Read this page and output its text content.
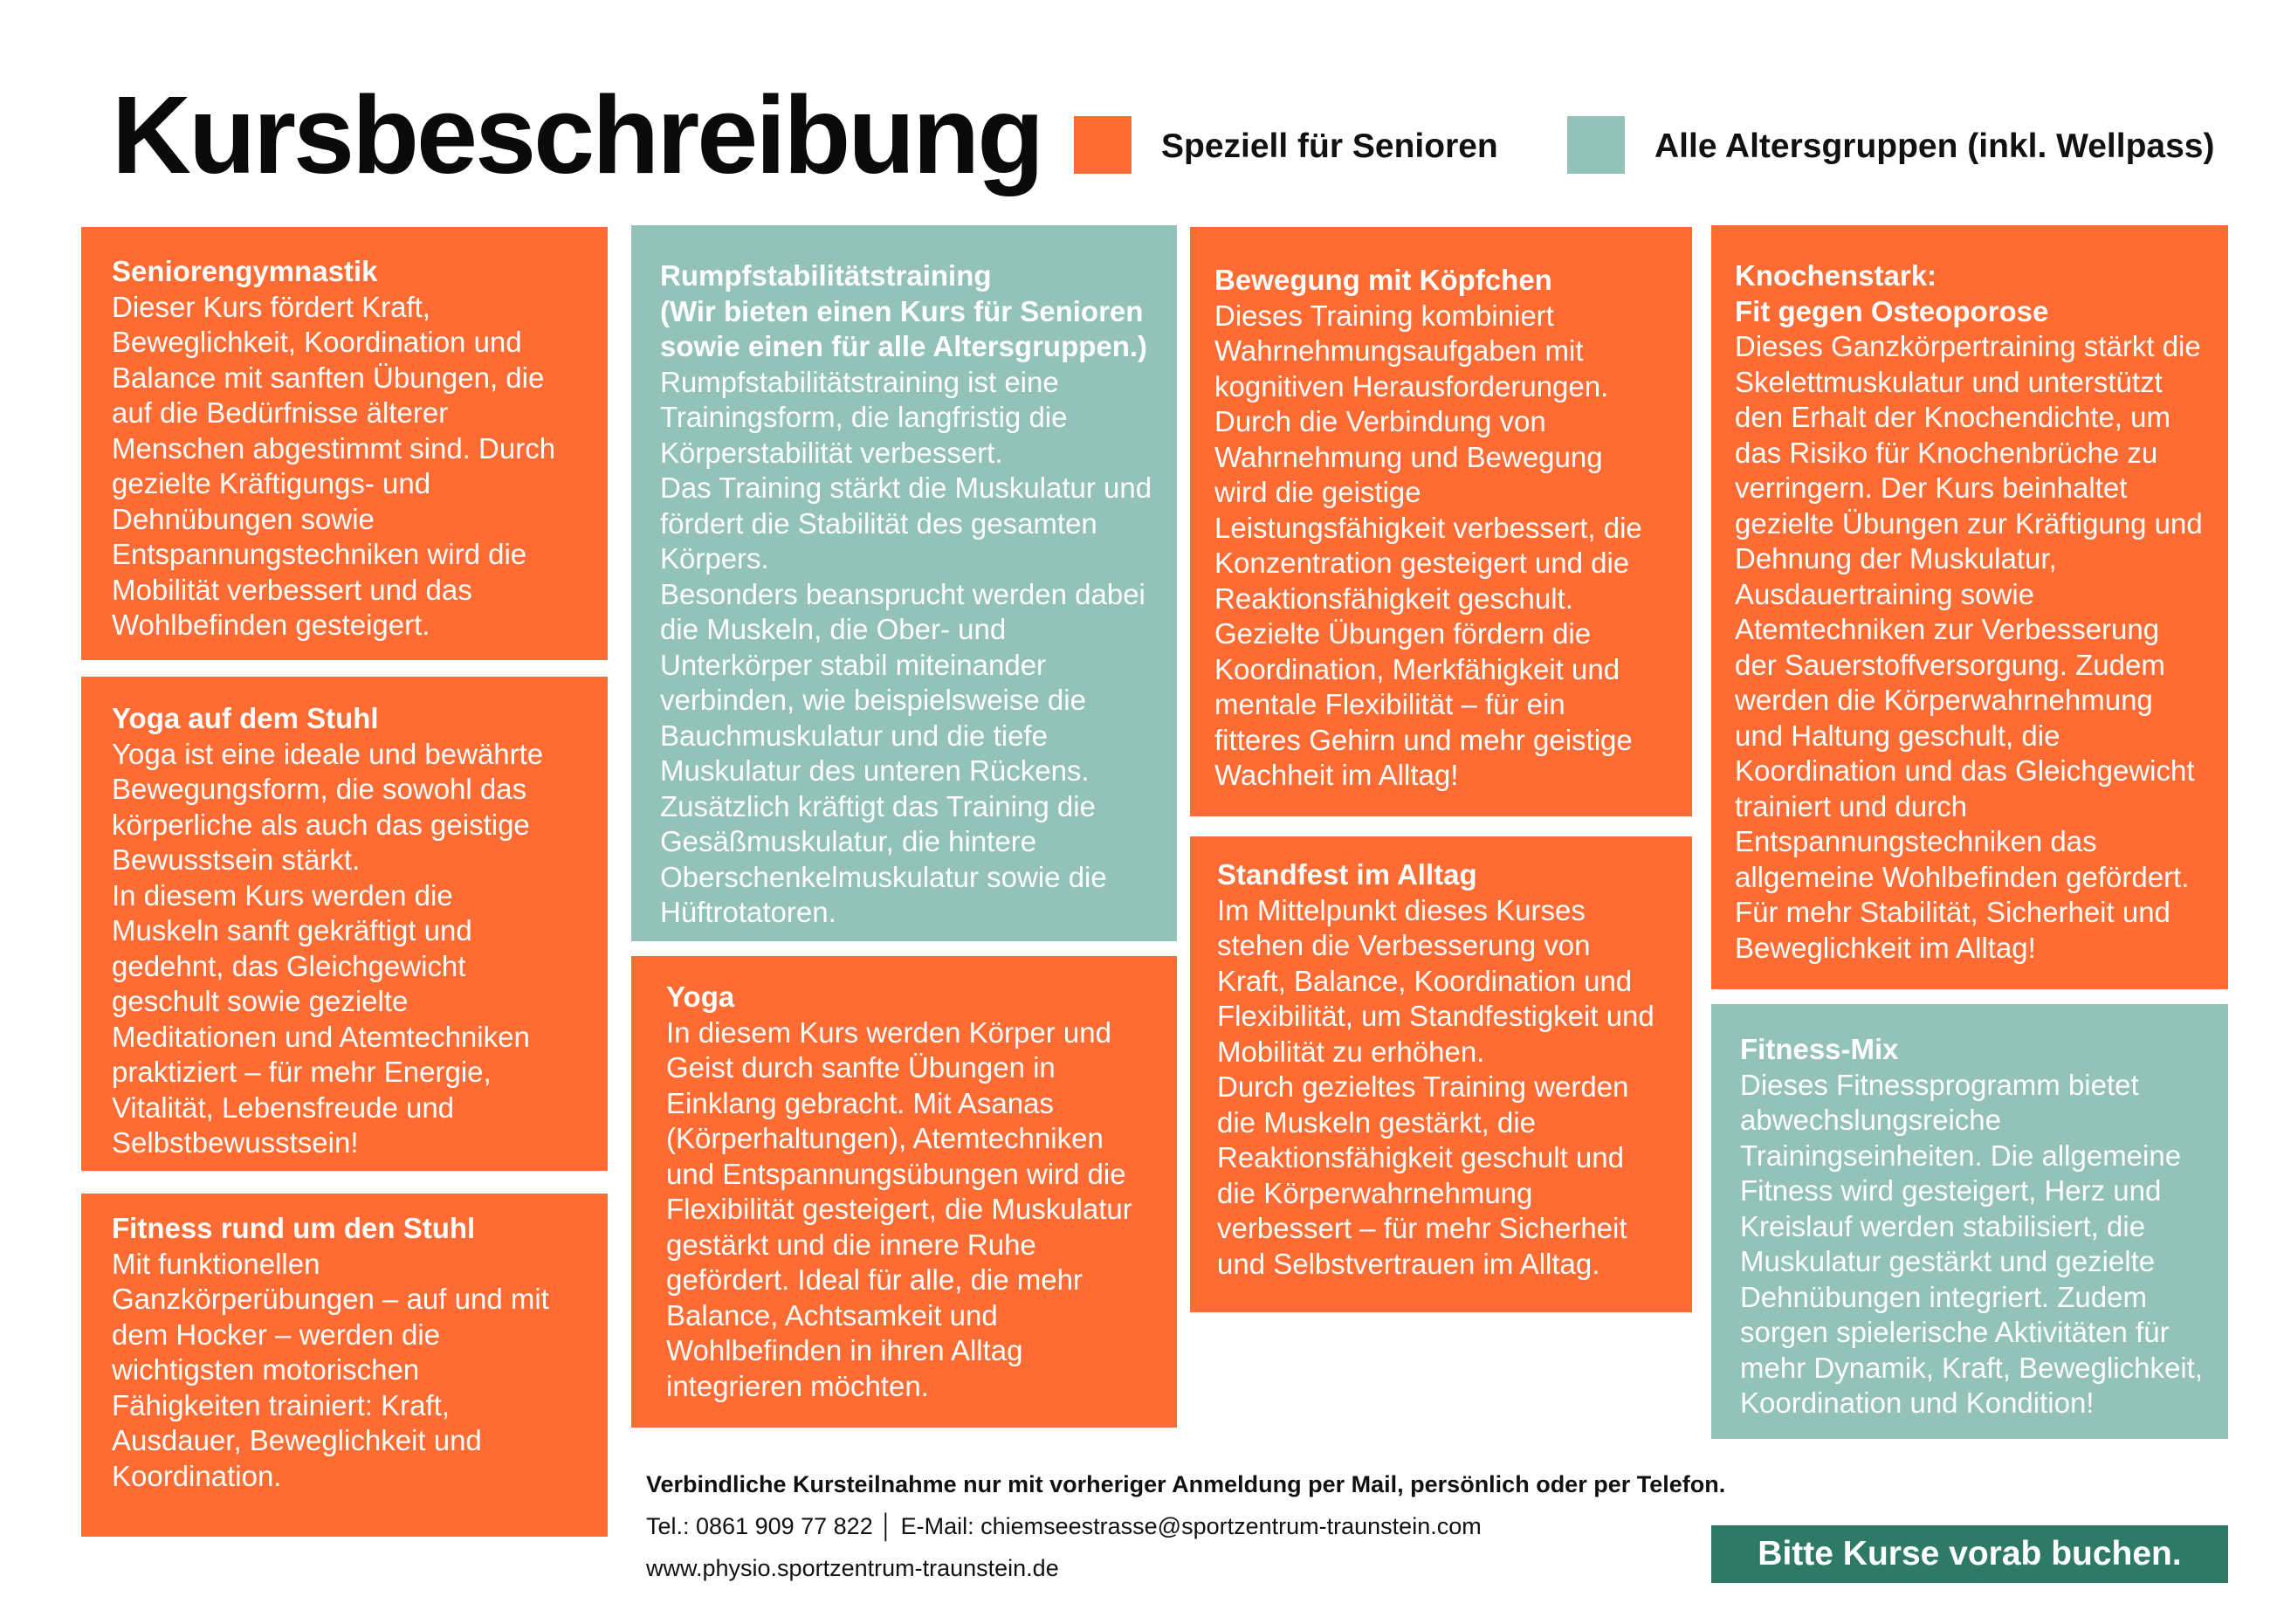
Kursbeschreibung	Speziell für Senioren	Alle Altersgruppen (inkl. Wellpass)
Seniorengymnastik
Dieser Kurs fördert Kraft,
Beweglichkeit, Koordination und
Balance mit sanften Übungen, die
auf die Bedürfnisse älterer
Menschen abgestimmt sind. Durch
gezielte Kräftigungs- und
Dehnübungen sowie
Entspannungstechniken wird die
Mobilität verbessert und das
Wohlbefinden gesteigert.
Yoga auf dem Stuhl
Yoga ist eine ideale und bewährte
Bewegungsform, die sowohl das
körperliche als auch das geistige
Bewusstsein stärkt.
In diesem Kurs werden die
Muskeln sanft gekräftigt und
gedehnt, das Gleichgewicht
geschult sowie gezielte
Meditationen und Atemtechniken
praktiziert – für mehr Energie,
Vitalität, Lebensfreude und
Selbstbewusstsein!
Fitness rund um den Stuhl
Mit funktionellen
Ganzkörperübungen – auf und mit
dem Hocker – werden die
wichtigsten motorischen
Fähigkeiten trainiert: Kraft,
Ausdauer, Beweglichkeit und
Koordination.
Rumpfstabilitätstraining
(Wir bieten einen Kurs für Senioren
sowie einen für alle Altersgruppen.)
Rumpfstabilitätstraining ist eine
Trainingsform, die langfristig die
Körperstabilität verbessert.
Das Training stärkt die Muskulatur und
fördert die Stabilität des gesamten
Körpers.
Besonders beansprucht werden dabei
die Muskeln, die Ober- und
Unterkörper stabil miteinander
verbinden, wie beispielsweise die
Bauchmuskulatur und die tiefe
Muskulatur des unteren Rückens.
Zusätzlich kräftigt das Training die
Gesäßmuskulatur, die hintere
Oberschenkelmuskulatur sowie die
Hüftrotatoren.
Yoga
In diesem Kurs werden Körper und
Geist durch sanfte Übungen in
Einklang gebracht. Mit Asanas
(Körperhaltungen), Atemtechniken
und Entspannungsübungen wird die
Flexibilität gesteigert, die Muskulatur
gestärkt und die innere Ruhe
gefördert. Ideal für alle, die mehr
Balance, Achtsamkeit und
Wohlbefinden in ihren Alltag
integrieren möchten.
Bewegung mit Köpfchen
Dieses Training kombiniert
Wahrnehmungsaufgaben mit
kognitiven Herausforderungen.
Durch die Verbindung von
Wahrnehmung und Bewegung
wird die geistige
Leistungsfähigkeit verbessert, die
Konzentration gesteigert und die
Reaktionsfähigkeit geschult.
Gezielte Übungen fördern die
Koordination, Merkfähigkeit und
mentale Flexibilität – für ein
fitteres Gehirn und mehr geistige
Wachheit im Alltag!
Standfest im Alltag
Im Mittelpunkt dieses Kurses
stehen die Verbesserung von
Kraft, Balance, Koordination und
Flexibilität, um Standfestigkeit und
Mobilität zu erhöhen.
Durch gezieltes Training werden
die Muskeln gestärkt, die
Reaktionsfähigkeit geschult und
die Körperwahrnehmung
verbessert – für mehr Sicherheit
und Selbstvertrauen im Alltag.
Knochenstark:
Fit gegen Osteoporose
Dieses Ganzkörpertraining stärkt die
Skelettmuskulatur und unterstützt
den Erhalt der Knochendichte, um
das Risiko für Knochenbrüche zu
verringern. Der Kurs beinhaltet
gezielte Übungen zur Kräftigung und
Dehnung der Muskulatur,
Ausdauertraining sowie
Atemtechniken zur Verbesserung
der Sauerstoffversorgung. Zudem
werden die Körperwahrnehmung
und Haltung geschult, die
Koordination und das Gleichgewicht
trainiert und durch
Entspannungstechniken das
allgemeine Wohlbefinden gefördert.
Für mehr Stabilität, Sicherheit und
Beweglichkeit im Alltag!
Fitness-Mix
Dieses Fitnessprogramm bietet
abwechslungsreiche
Trainingseinheiten. Die allgemeine
Fitness wird gesteigert, Herz und
Kreislauf werden stabilisiert, die
Muskulatur gestärkt und gezielte
Dehnübungen integriert. Zudem
sorgen spielerische Aktivitäten für
mehr Dynamik, Kraft, Beweglichkeit,
Koordination und Kondition!
Verbindliche Kursteilnahme nur mit vorheriger Anmeldung per Mail, persönlich oder per Telefon.
Tel.: 0861 909 77 822 │ E-Mail: chiemseestrasse@sportzentrum-traunstein.com
www.physio.sportzentrum-traunstein.de	Bitte Kurse vorab buchen.
